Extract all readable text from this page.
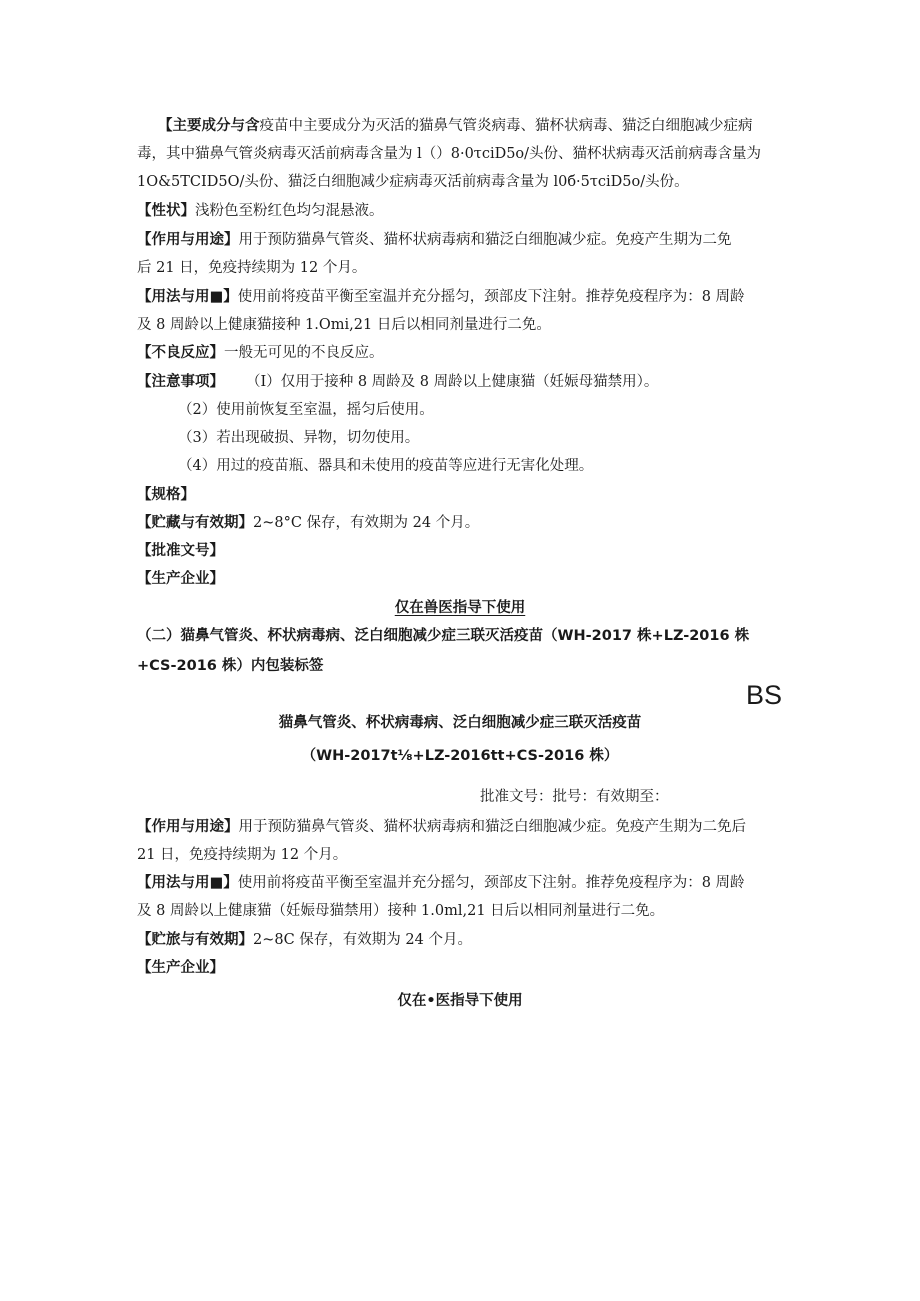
【主要成分与含疫苗中主要成分为灭活的猫鼻气管炎病毒、猫杯状病毒、猫泛白细胞减少症病
毒，其中猫鼻气管炎病毒灭活前病毒含量为 l（）8·0τciD5o/头份、猫杯状病毒灭活前病毒含量为
1O&5TCID5O/头份、猫泛白细胞减少症病毒灭活前病毒含量为 l0б·5τciD5o/头份。
【性状】浅粉色至粉红色均匀混悬液。
【作用与用途】用于预防猫鼻气管炎、猫杯状病毒病和猫泛白细胞减少症。免疫产生期为二免
后 21 日，免疫持续期为 12 个月。
【用法与用■】使用前将疫苗平衡至室温并充分摇匀，颈部皮下注射。推荐免疫程序为：8 周龄
及 8 周龄以上健康猫接种 1.Omi,21 日后以相同剂量进行二免。
【不良反应】一般无可见的不良反应。
【注意事项】 （I）仅用于接种 8 周龄及 8 周龄以上健康猫（妊娠母猫禁用）。
（2）使用前恢复至室温，摇匀后使用。
（3）若出现破损、异物，切勿使用。
（4）用过的疫苗瓶、器具和未使用的疫苗等应进行无害化处理。
【规格】
【贮藏与有效期】2~8°C 保存，有效期为 24 个月。
【批准文号】
【生产企业】
仅在兽医指导下使用
（二）猫鼻气管炎、杯状病毒病、泛白细胞减少症三联灭活疫苗（WH-2017 株+LZ-2016 株
+CS-2016 株）内包装标签
BS
猫鼻气管炎、杯状病毒病、泛白细胞减少症三联灭活疫苗
（WH-2017t⅛+LZ-2016tt+CS-2016 株）
批准文号：批号：有效期至：
【作用与用途】用于预防猫鼻气管炎、猫杯状病毒病和猫泛白细胞减少症。免疫产生期为二免后
21 日，免疫持续期为 12 个月。
【用法与用■】使用前将疫苗平衡至室温并充分摇匀，颈部皮下注射。推荐免疫程序为：8 周龄
及 8 周龄以上健康猫（妊娠母猫禁用）接种 1.0ml,21 日后以相同剂量进行二免。
【贮旅与有效期】2~8C 保存，有效期为 24 个月。
【生产企业】
仅在•医指导下使用
